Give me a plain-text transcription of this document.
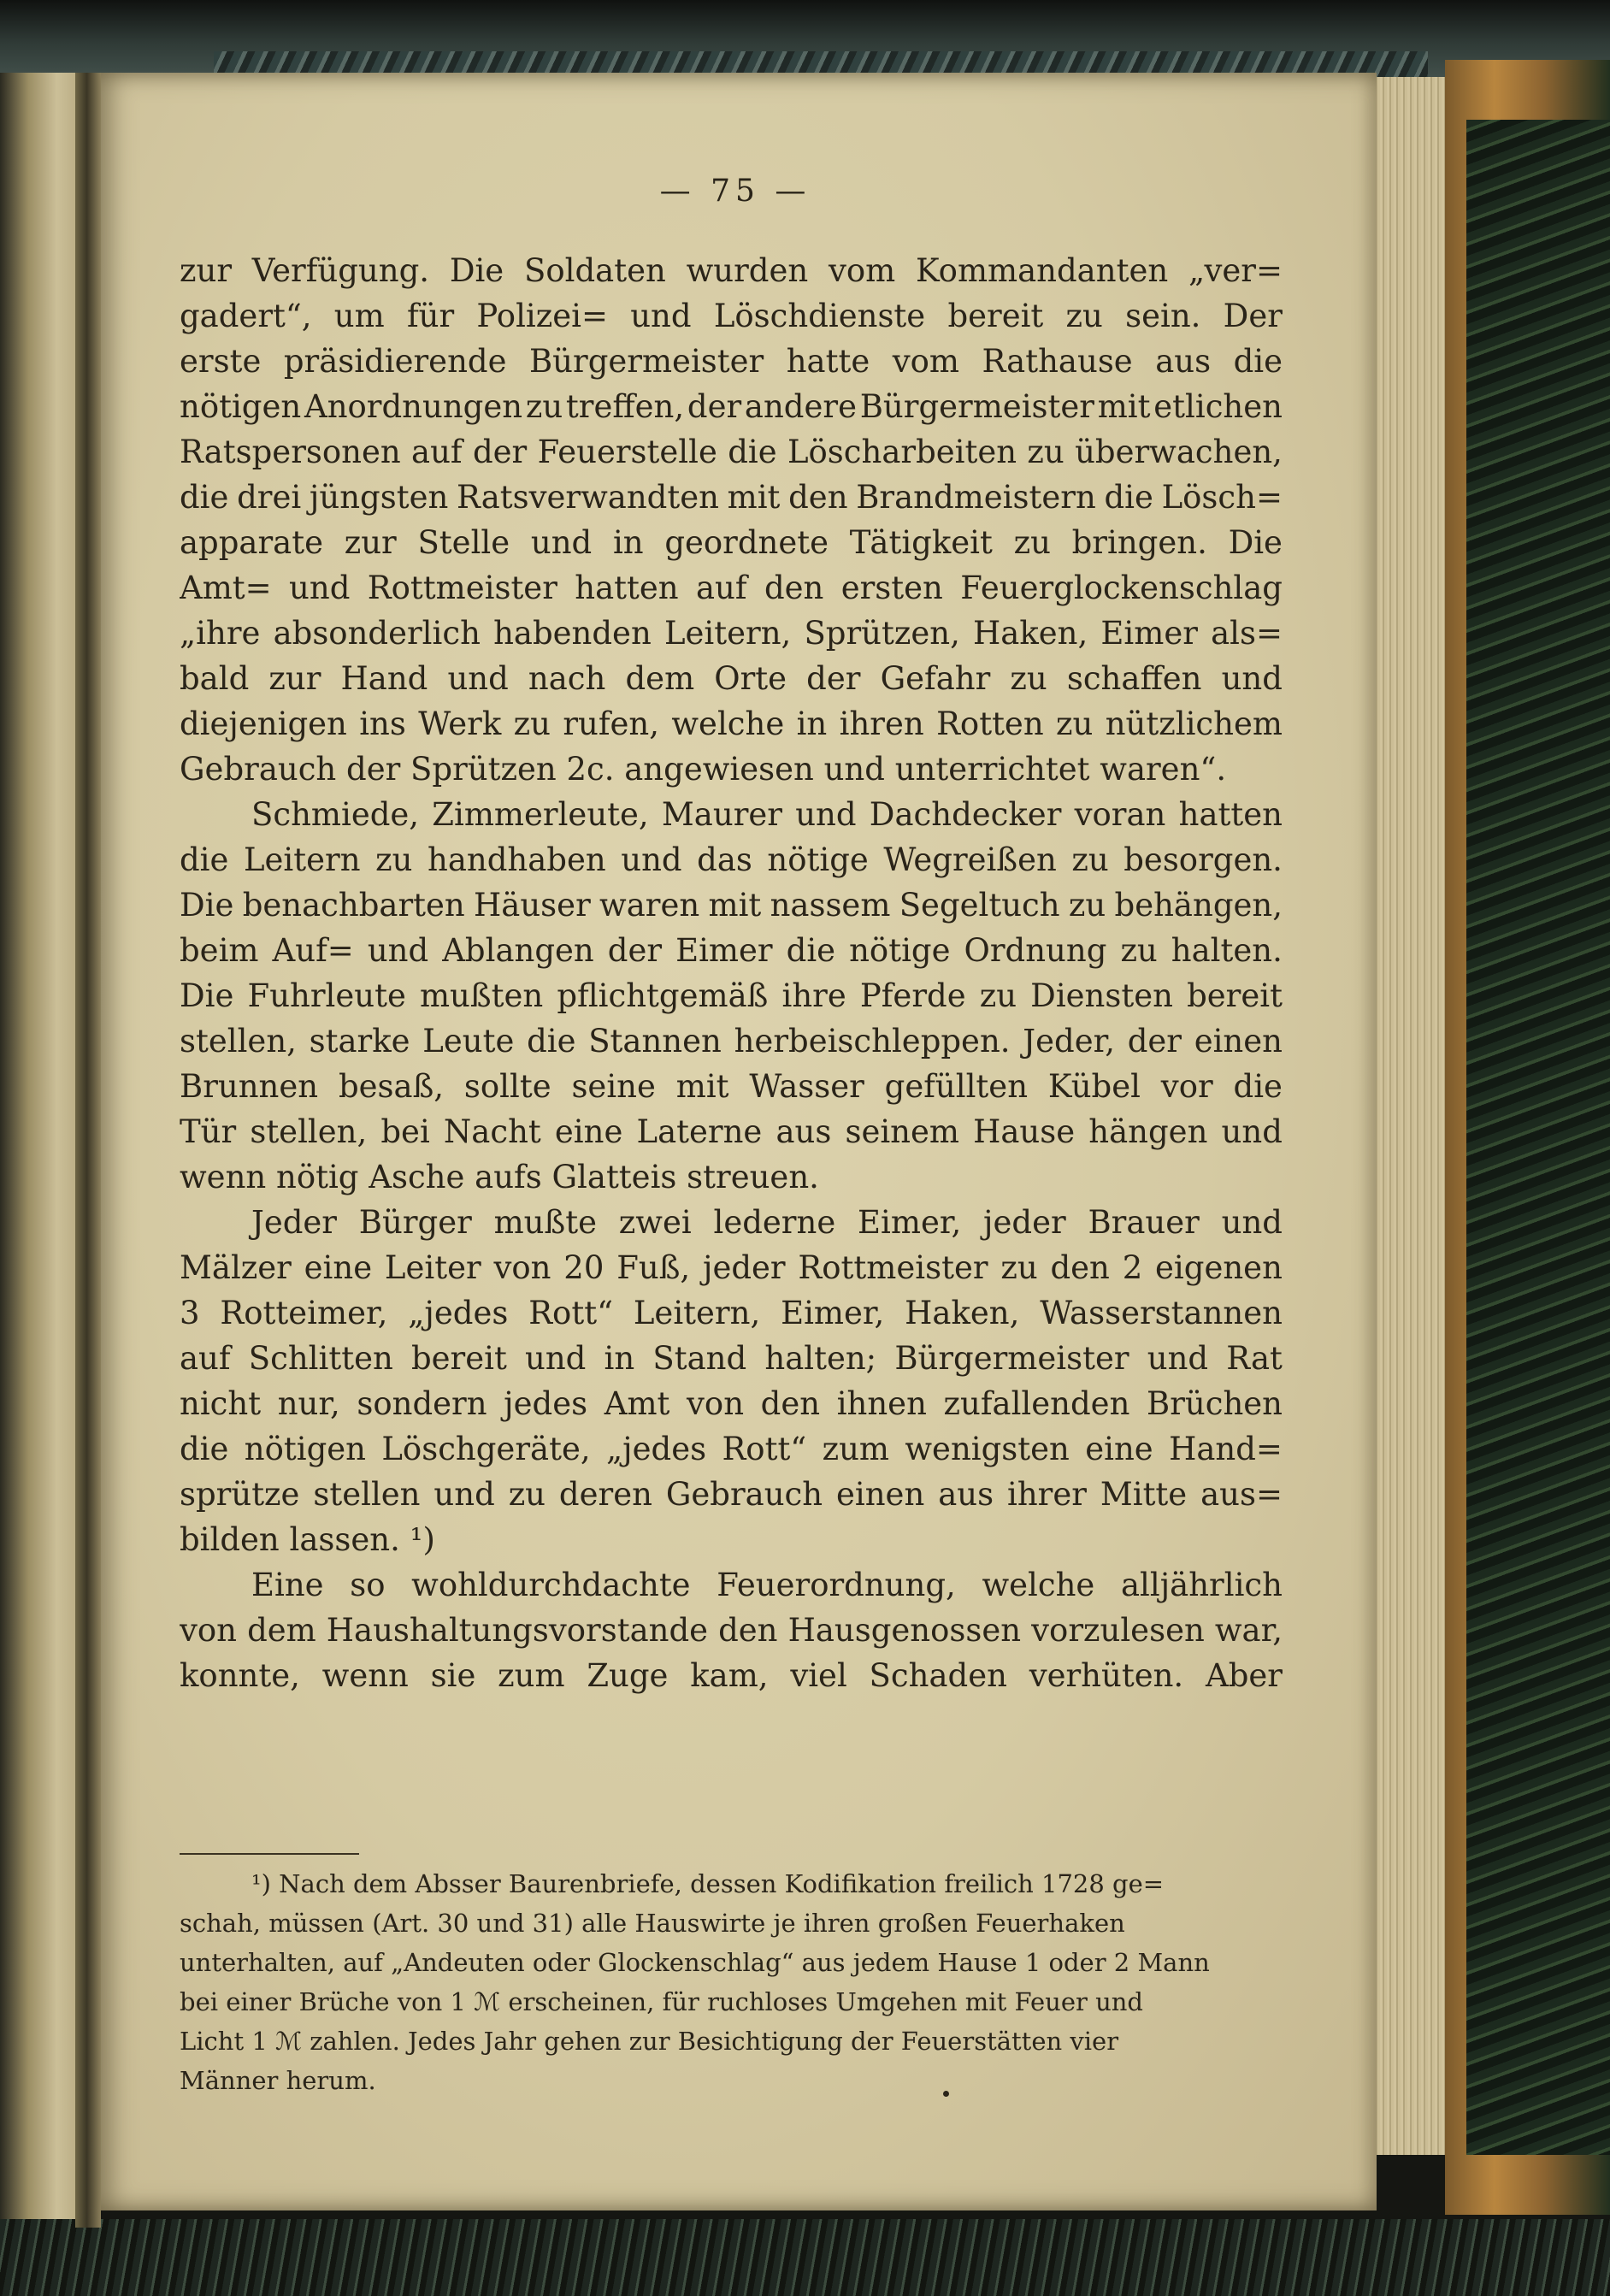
— 75 —
zur Verfügung. Die Soldaten wurden vom Kommandanten „ver=
gadert“, um für Polizei= und Löschdienste bereit zu sein. Der
erste präsidierende Bürgermeister hatte vom Rathause aus die
nötigen Anordnungen zu treffen, der andere Bürgermeister mit etlichen
Ratspersonen auf der Feuerstelle die Löscharbeiten zu überwachen,
die drei jüngsten Ratsverwandten mit den Brandmeistern die Lösch=
apparate zur Stelle und in geordnete Tätigkeit zu bringen. Die
Amt= und Rottmeister hatten auf den ersten Feuerglockenschlag
„ihre absonderlich habenden Leitern, Sprützen, Haken, Eimer als=
bald zur Hand und nach dem Orte der Gefahr zu schaffen und
diejenigen ins Werk zu rufen, welche in ihren Rotten zu nützlichem
Gebrauch der Sprützen 2c. angewiesen und unterrichtet waren“.
Schmiede, Zimmerleute, Maurer und Dachdecker voran hatten
die Leitern zu handhaben und das nötige Wegreißen zu besorgen.
Die benachbarten Häuser waren mit nassem Segeltuch zu behängen,
beim Auf= und Ablangen der Eimer die nötige Ordnung zu halten.
Die Fuhrleute mußten pflichtgemäß ihre Pferde zu Diensten bereit
stellen, starke Leute die Stannen herbeischleppen. Jeder, der einen
Brunnen besaß, sollte seine mit Wasser gefüllten Kübel vor die
Tür stellen, bei Nacht eine Laterne aus seinem Hause hängen und
wenn nötig Asche aufs Glatteis streuen.
Jeder Bürger mußte zwei lederne Eimer, jeder Brauer und
Mälzer eine Leiter von 20 Fuß, jeder Rottmeister zu den 2 eigenen
3 Rotteimer, „jedes Rott“ Leitern, Eimer, Haken, Wasserstannen
auf Schlitten bereit und in Stand halten; Bürgermeister und Rat
nicht nur, sondern jedes Amt von den ihnen zufallenden Brüchen
die nötigen Löschgeräte, „jedes Rott“ zum wenigsten eine Hand=
sprütze stellen und zu deren Gebrauch einen aus ihrer Mitte aus=
bilden lassen. ¹)
Eine so wohldurchdachte Feuerordnung, welche alljährlich
von dem Haushaltungsvorstande den Hausgenossen vorzulesen war,
konnte, wenn sie zum Zuge kam, viel Schaden verhüten. Aber
¹) Nach dem Absser Baurenbriefe, dessen Kodifikation freilich 1728 ge=
schah, müssen (Art. 30 und 31) alle Hauswirte je ihren großen Feuerhaken
unterhalten, auf „Andeuten oder Glockenschlag“ aus jedem Hause 1 oder 2 Mann
bei einer Brüche von 1 ℳ erscheinen, für ruchloses Umgehen mit Feuer und
Licht 1 ℳ zahlen. Jedes Jahr gehen zur Besichtigung der Feuerstätten vier
Männer herum.
